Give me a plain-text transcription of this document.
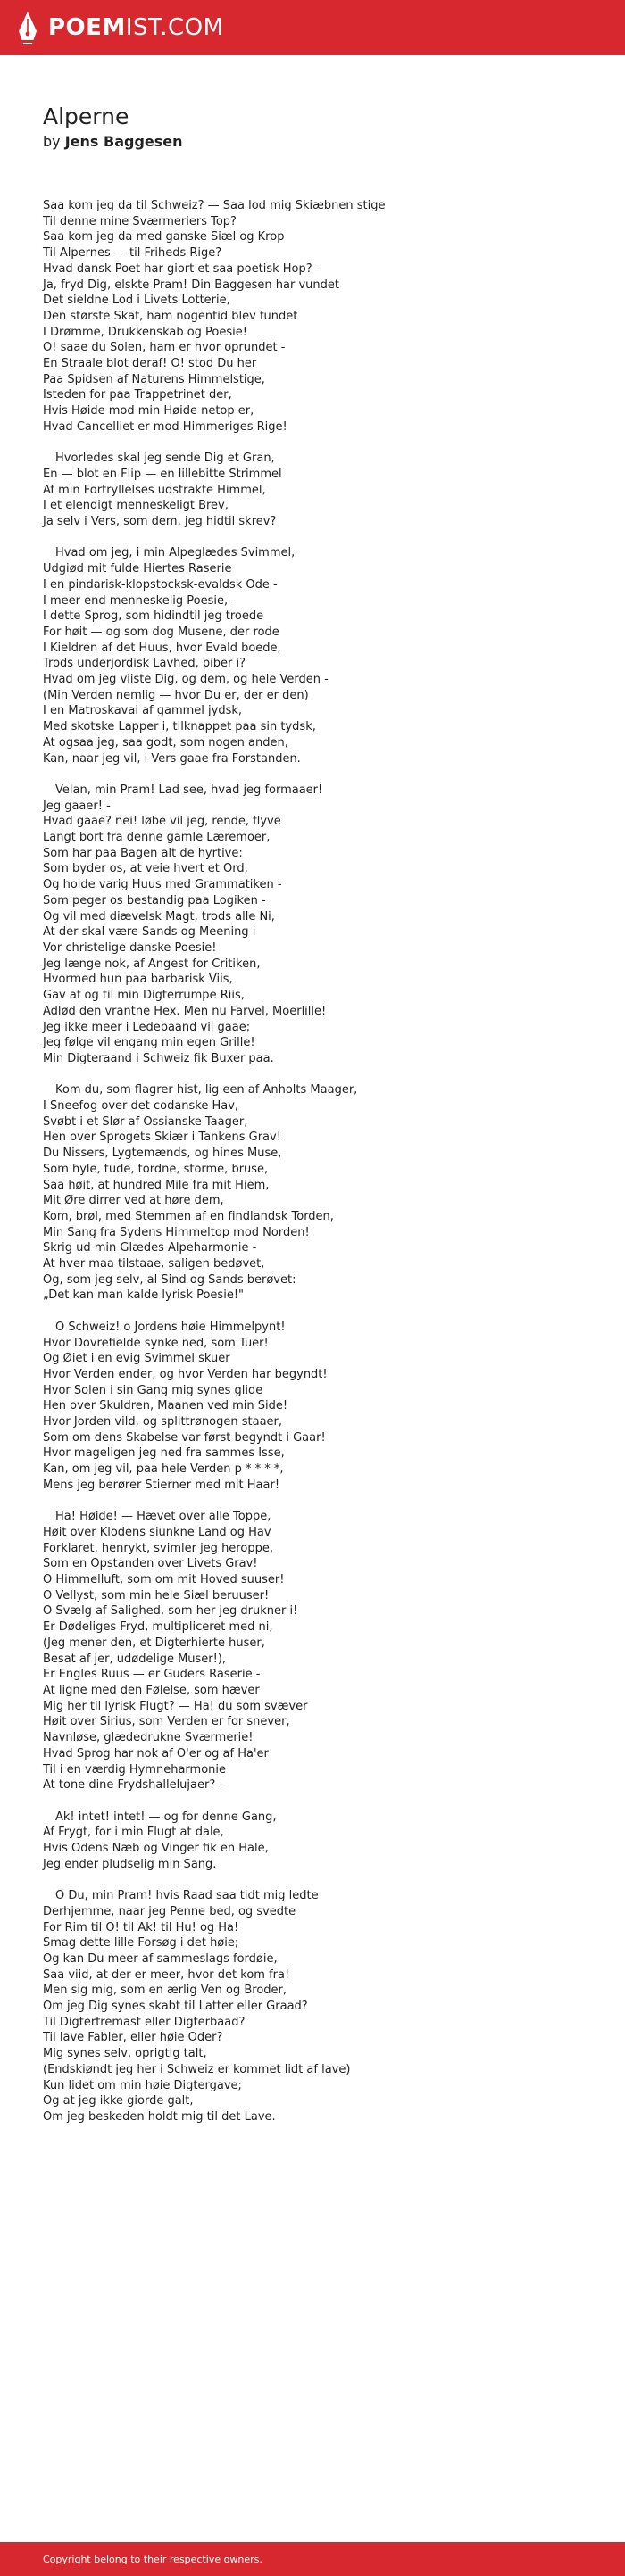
POEMIST.COM
Alperne
by Jens Baggesen
Saa kom jeg da til Schweiz? — Saa lod mig Skiæbnen stige
Til denne mine Sværmeriers Top?
Saa kom jeg da med ganske Siæl og Krop
Til Alpernes — til Friheds Rige?
Hvad dansk Poet har giort et saa poetisk Hop? -
Ja, fryd Dig, elskte Pram! Din Baggesen har vundet
Det sieldne Lod i Livets Lotterie,
Den største Skat, ham nogentid blev fundet
I Drømme, Drukkenskab og Poesie!
O! saae du Solen, ham er hvor oprundet -
En Straale blot deraf! O! stod Du her
Paa Spidsen af Naturens Himmelstige,
Isteden for paa Trappetrinet der,
Hvis Høide mod min Høide netop er,
Hvad Cancelliet er mod Himmeriges Rige!
Hvorledes skal jeg sende Dig et Gran,
En — blot en Flip — en lillebitte Strimmel
Af min Fortryllelses udstrakte Himmel,
I et elendigt menneskeligt Brev,
Ja selv i Vers, som dem, jeg hidtil skrev?
Hvad om jeg, i min Alpeglædes Svimmel,
Udgiød mit fulde Hiertes Raserie
I en pindarisk-klopstocksk-evaldsk Ode -
I meer end menneskelig Poesie, -
I dette Sprog, som hidindtil jeg troede
For høit — og som dog Musene, der rode
I Kieldren af det Huus, hvor Evald boede,
Trods underjordisk Lavhed, piber i?
Hvad om jeg viiste Dig, og dem, og hele Verden -
(Min Verden nemlig — hvor Du er, der er den)
I en Matroskavai af gammel jydsk,
Med skotske Lapper i, tilknappet paa sin tydsk,
At ogsaa jeg, saa godt, som nogen anden,
Kan, naar jeg vil, i Vers gaae fra Forstanden.
Velan, min Pram! Lad see, hvad jeg formaaer!
Jeg gaaer! -
Hvad gaae? nei! løbe vil jeg, rende, flyve
Langt bort fra denne gamle Læremoer,
Som har paa Bagen alt de hyrtive:
Som byder os, at veie hvert et Ord,
Og holde varig Huus med Grammatiken -
Som peger os bestandig paa Logiken -
Og vil med diævelsk Magt, trods alle Ni,
At der skal være Sands og Meening i
Vor christelige danske Poesie!
Jeg længe nok, af Angest for Critiken,
Hvormed hun paa barbarisk Viis,
Gav af og til min Digterrumpe Riis,
Adlød den vrantne Hex. Men nu Farvel, Moerlille!
Jeg ikke meer i Ledebaand vil gaae;
Jeg følge vil engang min egen Grille!
Min Digteraand i Schweiz fik Buxer paa.
Kom du, som flagrer hist, lig een af Anholts Maager,
I Sneefog over det codanske Hav,
Svøbt i et Slør af Ossianske Taager,
Hen over Sprogets Skiær i Tankens Grav!
Du Nissers, Lygtemænds, og hines Muse,
Som hyle, tude, tordne, storme, bruse,
Saa høit, at hundred Mile fra mit Hiem,
Mit Øre dirrer ved at høre dem,
Kom, brøl, med Stemmen af en findlandsk Torden,
Min Sang fra Sydens Himmeltop mod Norden!
Skrig ud min Glædes Alpeharmonie -
At hver maa tilstaae, saligen bedøvet,
Og, som jeg selv, al Sind og Sands berøvet:
„Det kan man kalde lyrisk Poesie!"
O Schweiz! o Jordens høie Himmelpynt!
Hvor Dovrefielde synke ned, som Tuer!
Og Øiet i en evig Svimmel skuer
Hvor Verden ender, og hvor Verden har begyndt!
Hvor Solen i sin Gang mig synes glide
Hen over Skuldren, Maanen ved min Side!
Hvor Jorden vild, og splittrønogen staaer,
Som om dens Skabelse var først begyndt i Gaar!
Hvor mageligen jeg ned fra sammes Isse,
Kan, om jeg vil, paa hele Verden p * * * *,
Mens jeg berører Stierner med mit Haar!
Ha! Høide! — Hævet over alle Toppe,
Høit over Klodens siunkne Land og Hav
Forklaret, henrykt, svimler jeg heroppe,
Som en Opstanden over Livets Grav!
O Himmelluft, som om mit Hoved suuser!
O Vellyst, som min hele Siæl beruuser!
O Svælg af Salighed, som her jeg drukner i!
Er Dødeliges Fryd, multipliceret med ni,
(Jeg mener den, et Digterhierte huser,
Besat af jer, udødelige Muser!),
Er Engles Ruus — er Guders Raserie -
At ligne med den Følelse, som hæver
Mig her til lyrisk Flugt? — Ha! du som svæver
Høit over Sirius, som Verden er for snever,
Navnløse, glædedrukne Sværmerie!
Hvad Sprog har nok af O'er og af Ha'er
Til i en værdig Hymneharmonie
At tone dine Frydshallelujaer? -
Ak! intet! intet! — og for denne Gang,
Af Frygt, for i min Flugt at dale,
Hvis Odens Næb og Vinger fik en Hale,
Jeg ender pludselig min Sang.
O Du, min Pram! hvis Raad saa tidt mig ledte
Derhjemme, naar jeg Penne bed, og svedte
For Rim til O! til Ak! til Hu! og Ha!
Smag dette lille Forsøg i det høie;
Og kan Du meer af sammeslags fordøie,
Saa viid, at der er meer, hvor det kom fra!
Men sig mig, som en ærlig Ven og Broder,
Om jeg Dig synes skabt til Latter eller Graad?
Til Digtertremast eller Digterbaad?
Til lave Fabler, eller høie Oder?
Mig synes selv, oprigtig talt,
(Endskiøndt jeg her i Schweiz er kommet lidt af lave)
Kun lidet om min høie Digtergave;
Og at jeg ikke giorde galt,
Om jeg beskeden holdt mig til det Lave.
Copyright belong to their respective owners.
